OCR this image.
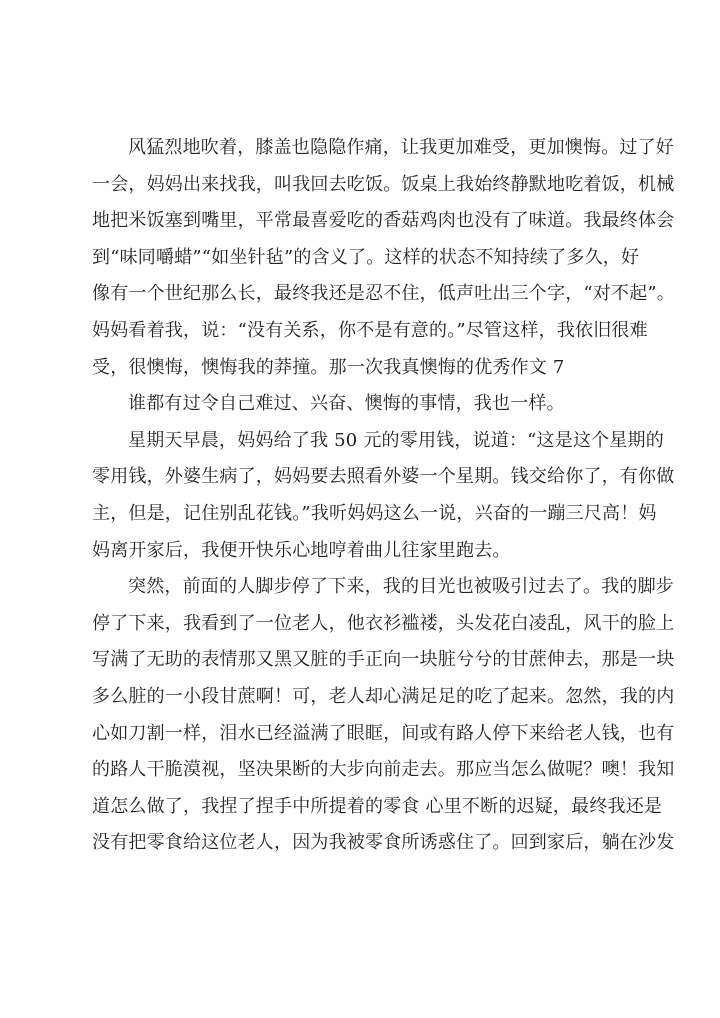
风猛烈地吹着，膝盖也隐隐作痛，让我更加难受，更加懊悔。过了好
一会，妈妈出来找我，叫我回去吃饭。饭桌上我始终静默地吃着饭，机械
地把米饭塞到嘴里，平常最喜爱吃的香菇鸡肉也没有了味道。我最终体会
到“味同嚼蜡”“如坐针毡”的含义了。这样的状态不知持续了多久，好
像有一个世纪那么长，最终我还是忍不住，低声吐出三个字，“对不起”。
妈妈看着我，说：“没有关系，你不是有意的。”尽管这样，我依旧很难
受，很懊悔，懊悔我的莽撞。那一次我真懊悔的优秀作文 7

谁都有过令自己难过、兴奋、懊悔的事情，我也一样。

星期天早晨，妈妈给了我 50 元的零用钱，说道：“这是这个星期的
零用钱，外婆生病了，妈妈要去照看外婆一个星期。钱交给你了，有你做
主，但是，记住别乱花钱。”我听妈妈这么一说，兴奋的一蹦三尺高！妈
妈离开家后，我便开快乐心地哼着曲儿往家里跑去。

突然，前面的人脚步停了下来，我的目光也被吸引过去了。我的脚步
停了下来，我看到了一位老人，他衣衫褴褛，头发花白凌乱，风干的脸上
写满了无助的表情那又黑又脏的手正向一块脏兮兮的甘蔗伸去，那是一块
多么脏的一小段甘蔗啊！可，老人却心满足足的吃了起来。忽然，我的内
心如刀割一样，泪水已经溢满了眼眶，间或有路人停下来给老人钱，也有
的路人干脆漠视，坚决果断的大步向前走去。那应当怎么做呢？噢！我知
道怎么做了，我捏了捏手中所提着的零食 心里不断的迟疑，最终我还是
没有把零食给这位老人，因为我被零食所诱惑住了。回到家后，躺在沙发
